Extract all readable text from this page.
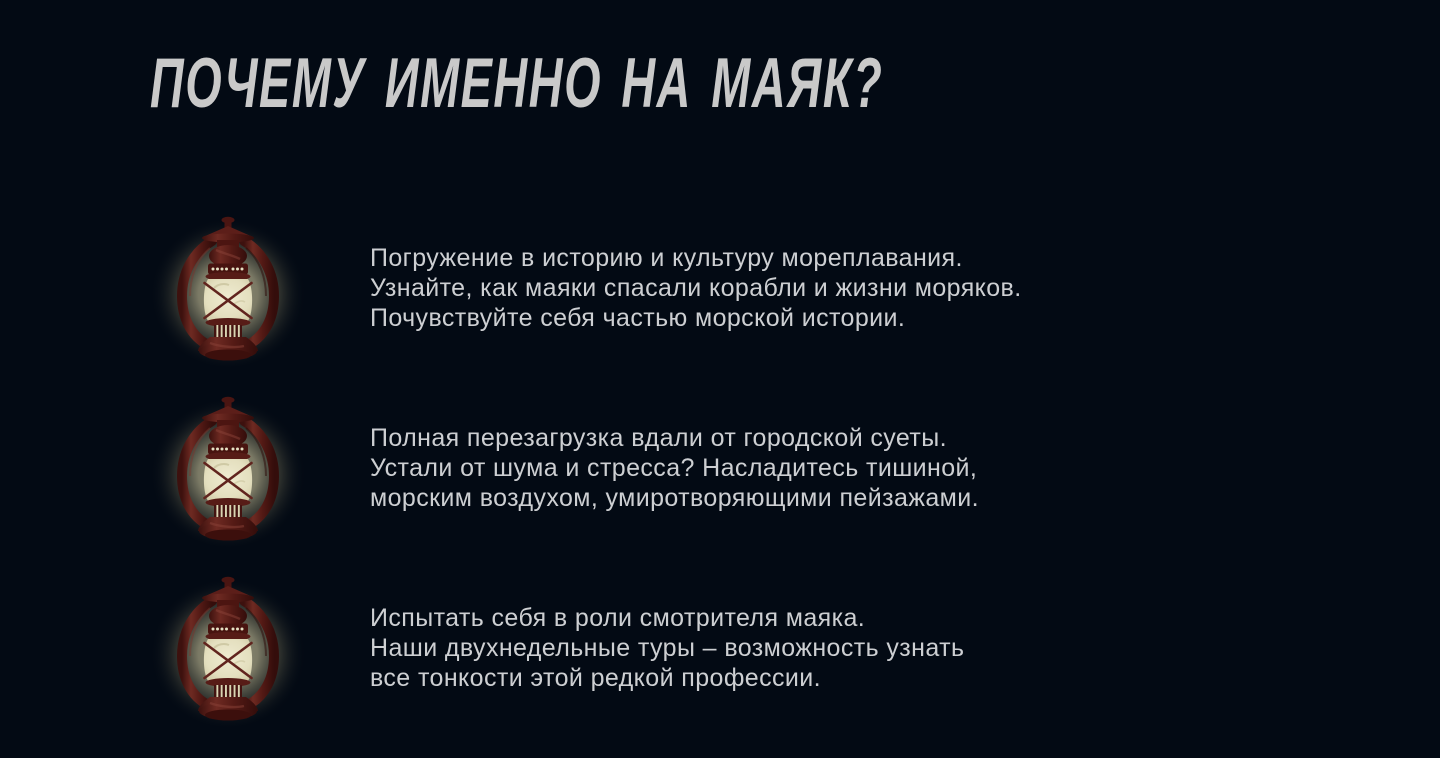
ПОЧЕМУ ИМЕННО НА МАЯК?

Погружение в историю и культуру мореплавания.
Узнайте, как маяки спасали корабли и жизни моряков.
Почувствуйте себя частью морской истории.

Полная перезагрузка вдали от городской суеты.
Устали от шума и стресса? Насладитесь тишиной,
морским воздухом, умиротворяющими пейзажами.

Испытать себя в роли смотрителя маяка.
Наши двухнедельные туры – возможность узнать
все тонкости этой редкой профессии.
